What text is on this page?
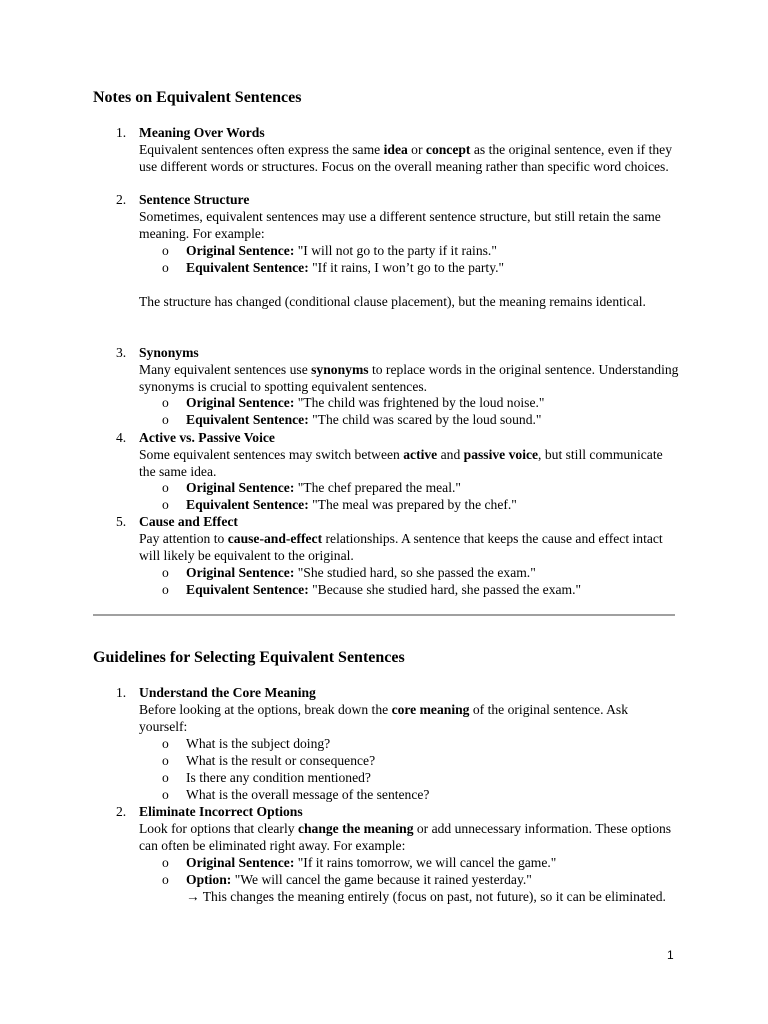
Notes on Equivalent Sentences
1. Meaning Over Words
Equivalent sentences often express the same idea or concept as the original sentence, even if they use different words or structures. Focus on the overall meaning rather than specific word choices.
2. Sentence Structure
Sometimes, equivalent sentences may use a different sentence structure, but still retain the same meaning. For example:
o Original Sentence: "I will not go to the party if it rains."
o Equivalent Sentence: "If it rains, I won’t go to the party."
The structure has changed (conditional clause placement), but the meaning remains identical.
3. Synonyms
Many equivalent sentences use synonyms to replace words in the original sentence. Understanding synonyms is crucial to spotting equivalent sentences.
o Original Sentence: "The child was frightened by the loud noise."
o Equivalent Sentence: "The child was scared by the loud sound."
4. Active vs. Passive Voice
Some equivalent sentences may switch between active and passive voice, but still communicate the same idea.
o Original Sentence: "The chef prepared the meal."
o Equivalent Sentence: "The meal was prepared by the chef."
5. Cause and Effect
Pay attention to cause-and-effect relationships. A sentence that keeps the cause and effect intact will likely be equivalent to the original.
o Original Sentence: "She studied hard, so she passed the exam."
o Equivalent Sentence: "Because she studied hard, she passed the exam."
Guidelines for Selecting Equivalent Sentences
1. Understand the Core Meaning
Before looking at the options, break down the core meaning of the original sentence. Ask yourself:
o What is the subject doing?
o What is the result or consequence?
o Is there any condition mentioned?
o What is the overall message of the sentence?
2. Eliminate Incorrect Options
Look for options that clearly change the meaning or add unnecessary information. These options can often be eliminated right away. For example:
o Original Sentence: "If it rains tomorrow, we will cancel the game."
o Option: "We will cancel the game because it rained yesterday."
→ This changes the meaning entirely (focus on past, not future), so it can be eliminated.
1
